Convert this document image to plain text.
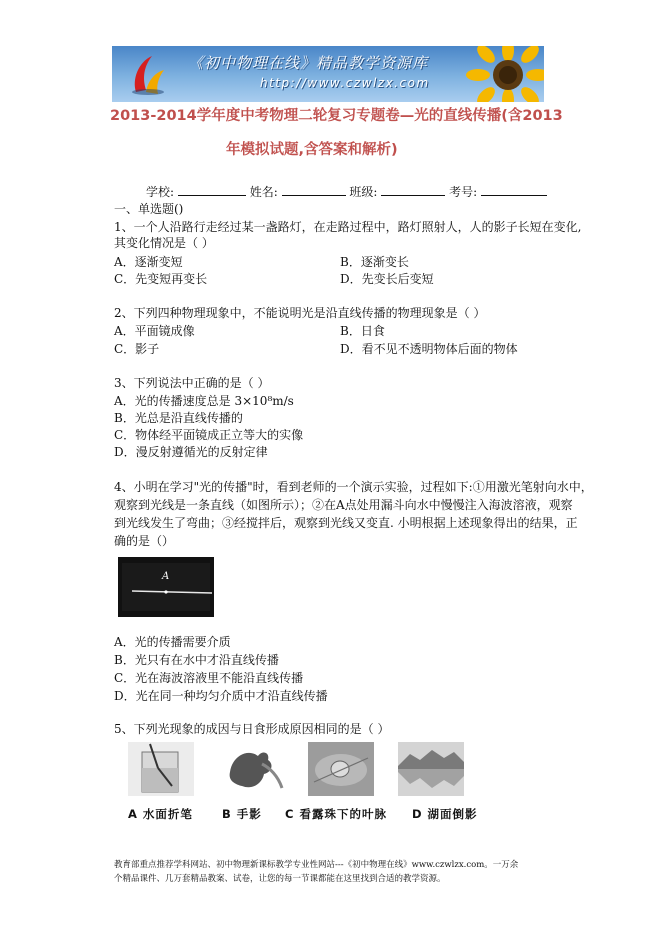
《初中物理在线》精品教学资源库
http://www.czwlzx.com
2013-2014学年度中考物理二轮复习专题卷—光的直线传播(含2013
年模拟试题,含答案和解析)
学校:	姓名:	班级:	考号:
一、单选题()
1、一个人沿路行走经过某一盏路灯，在走路过程中，路灯照射人，人的影子长短在变化,
其变化情况是（ ）
A．逐渐变短	B．逐渐变长
C．先变短再变长	D．先变长后变短
2、下列四种物理现象中，不能说明光是沿直线传播的物理现象是（ ）
A．平面镜成像	B．日食
C．影子	D．看不见不透明物体后面的物体
3、下列说法中正确的是（ ）
A．光的传播速度总是 3×10⁸m/s
B．光总是沿直线传播的
C．物体经平面镜成正立等大的实像
D．漫反射遵循光的反射定律
4、小明在学习"光的传播"时，看到老师的一个演示实验，过程如下:①用激光笔射向水中，
观察到光线是一条直线（如图所示）；②在A点处用漏斗向水中慢慢注入海波溶液，观察
到光线发生了弯曲；③经搅拌后，观察到光线又变直. 小明根据上述现象得出的结果，正
确的是（）
A
A．光的传播需要介质
B．光只有在水中才沿直线传播
C．光在海波溶液里不能沿直线传播
D．光在同一种均匀介质中才沿直线传播
5、下列光现象的成因与日食形成原因相同的是（ ）
A 水面折笔	B 手影 C 看露珠下的叶脉 D 湖面倒影
教育部重点推荐学科网站、初中物理新课标教学专业性网站---《初中物理在线》www.czwlzx.com。一万余
个精品课件、几万套精品教案、试卷，让您的每一节课都能在这里找到合适的教学资源。
